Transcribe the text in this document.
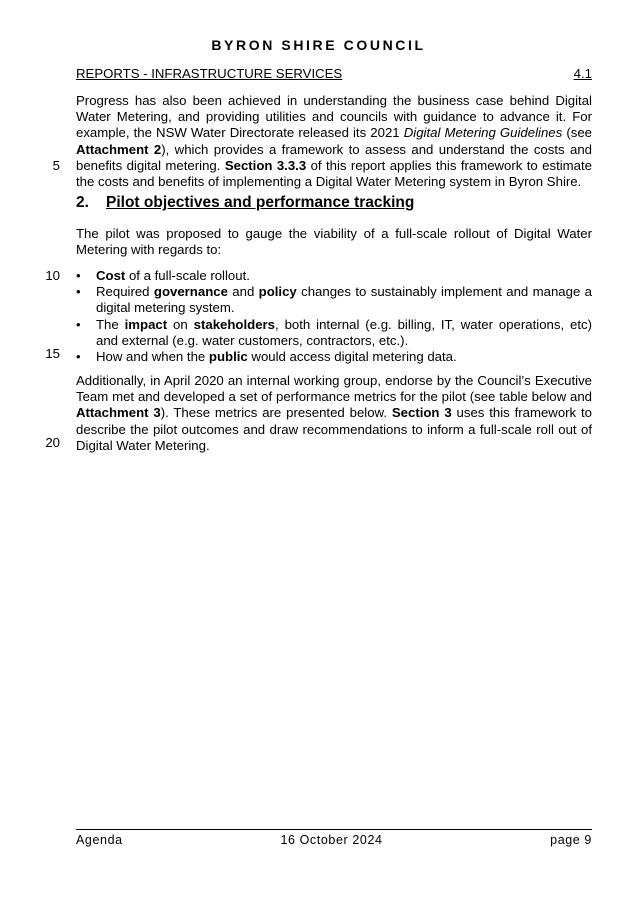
BYRON SHIRE COUNCIL
REPORTS - INFRASTRUCTURE SERVICES	4.1

Progress has also been achieved in understanding the business case behind Digital Water Metering, and providing utilities and councils with guidance to advance it. For example, the NSW Water Directorate released its 2021 Digital Metering Guidelines (see Attachment 2), which provides a framework to assess and understand the costs and benefits digital metering. Section 3.3.3 of this report applies this framework to estimate the costs and benefits of implementing a Digital Water Metering system in Byron Shire.

2. Pilot objectives and performance tracking

The pilot was proposed to gauge the viability of a full-scale rollout of Digital Water Metering with regards to:

• Cost of a full-scale rollout.
• Required governance and policy changes to sustainably implement and manage a digital metering system.
• The impact on stakeholders, both internal (e.g. billing, IT, water operations, etc) and external (e.g. water customers, contractors, etc.).
• How and when the public would access digital metering data.

Additionally, in April 2020 an internal working group, endorse by the Council’s Executive Team met and developed a set of performance metrics for the pilot (see table below and Attachment 3). These metrics are presented below. Section 3 uses this framework to describe the pilot outcomes and draw recommendations to inform a full-scale roll out of Digital Water Metering.

5
10
15
20
Agenda	16 October 2024	page 9
